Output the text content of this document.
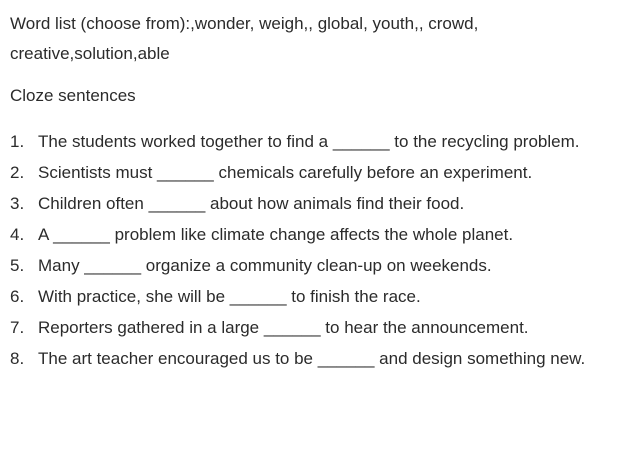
Word list (choose from):,wonder, weigh,, global, youth,, crowd, creative,solution,able

Cloze sentences

1. The students worked together to find a ______ to the recycling problem.
2. Scientists must ______ chemicals carefully before an experiment.
3. Children often ______ about how animals find their food.
4. A ______ problem like climate change affects the whole planet.
5. Many ______ organize a community clean-up on weekends.
6. With practice, she will be ______ to finish the race.
7. Reporters gathered in a large ______ to hear the announcement.
8. The art teacher encouraged us to be ______ and design something new.
